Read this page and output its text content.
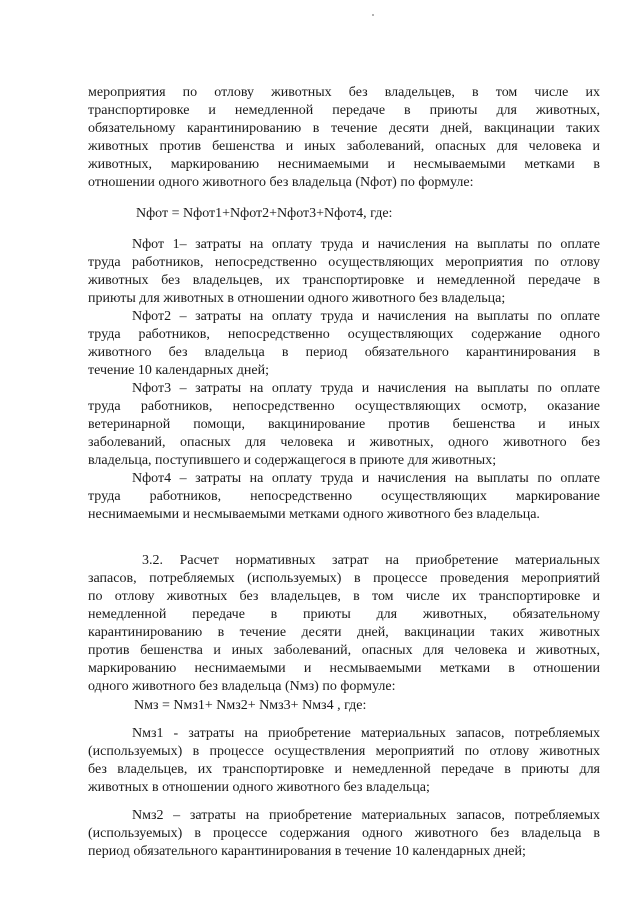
мероприятия по отлову животных без владельцев, в том числе их
транспортировке и немедленной передаче в приюты для животных,
обязательному карантинированию в течение десяти дней, вакцинации таких
животных против бешенства и иных заболеваний, опасных для человека и
животных, маркированию неснимаемыми и несмываемыми метками в
отношении одного животного без владельца (Nфот) по формуле:
Nфот = Nфот1+Nфот2+Nфот3+Nфот4, где:
Nфот 1– затраты на оплату труда и начисления на выплаты по оплате
труда работников, непосредственно осуществляющих мероприятия по отлову
животных без владельцев, их транспортировке и немедленной передаче в
приюты для животных в отношении одного животного без владельца;
Nфот2 – затраты на оплату труда и начисления на выплаты по оплате
труда работников, непосредственно осуществляющих содержание одного
животного без владельца в период обязательного карантинирования в
течение 10 календарных дней;
Nфот3 – затраты на оплату труда и начисления на выплаты по оплате
труда работников, непосредственно осуществляющих осмотр, оказание
ветеринарной помощи, вакцинирование против бешенства и иных
заболеваний, опасных для человека и животных, одного животного без
владельца, поступившего и содержащегося в приюте для животных;
Nфот4 – затраты на оплату труда и начисления на выплаты по оплате
труда работников, непосредственно осуществляющих маркирование
неснимаемыми и несмываемыми метками одного животного без владельца.
3.2. Расчет нормативных затрат на приобретение материальных
запасов, потребляемых (используемых) в процессе проведения мероприятий
по отлову животных без владельцев, в том числе их транспортировке и
немедленной передаче в приюты для животных, обязательному
карантинированию в течение десяти дней, вакцинации таких животных
против бешенства и иных заболеваний, опасных для человека и животных,
маркированию неснимаемыми и несмываемыми метками в отношении
одного животного без владельца (Nмз) по формуле:
Nмз = Nмз1+ Nмз2+ Nмз3+ Nмз4 , где:
Nмз1 - затраты на приобретение материальных запасов, потребляемых
(используемых) в процессе осуществления мероприятий по отлову животных
без владельцев, их транспортировке и немедленной передаче в приюты для
животных в отношении одного животного без владельца;
Nмз2 – затраты на приобретение материальных запасов, потребляемых
(используемых) в процессе содержания одного животного без владельца в
период обязательного карантинирования в течение 10 календарных дней;
